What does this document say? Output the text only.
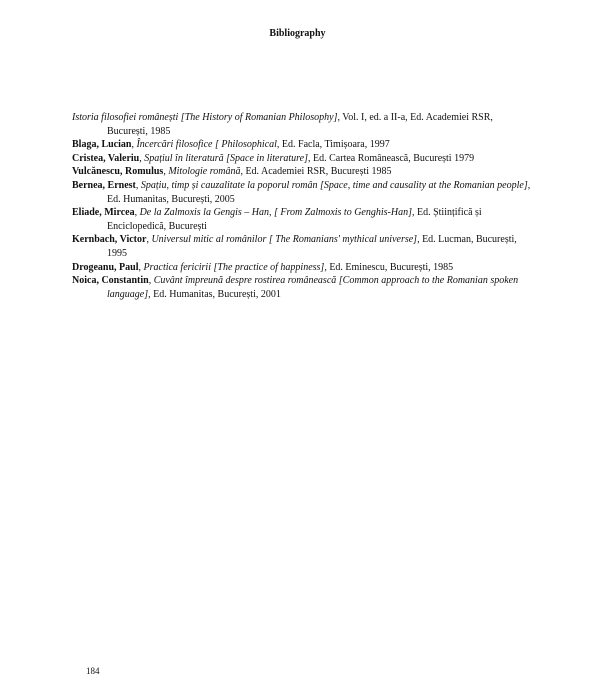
Bibliography

Istoria filosofiei românești [The History of Romanian Philosophy], Vol. I, ed. a II-a, Ed. Academiei RSR, București, 1985

Blaga, Lucian, Încercări filosofice [ Philosophical, Ed. Facla, Timișoara, 1997

Cristea, Valeriu, Spațiul în literatură [Space in literature], Ed. Cartea Românească, București 1979

Vulcănescu, Romulus, Mitologie română, Ed. Academiei RSR, București 1985

Bernea, Ernest, Spațiu, timp și cauzalitate la poporul român [Space, time and causality at the Romanian people], Ed. Humanitas, București, 2005

Eliade, Mircea, De la Zalmoxis la Gengis – Han, [ From Zalmoxis to Genghis-Han], Ed. Științifică și Enciclopedică, București

Kernbach, Victor, Universul mitic al românilor [ The Romanians' mythical universe], Ed. Lucman, București, 1995

Drogeanu, Paul, Practica fericirii [The practice of happiness], Ed. Eminescu, București, 1985

Noica, Constantin, Cuvânt împreună despre rostirea românească [Common approach to the Romanian spoken language], Ed. Humanitas, București, 2001

184
